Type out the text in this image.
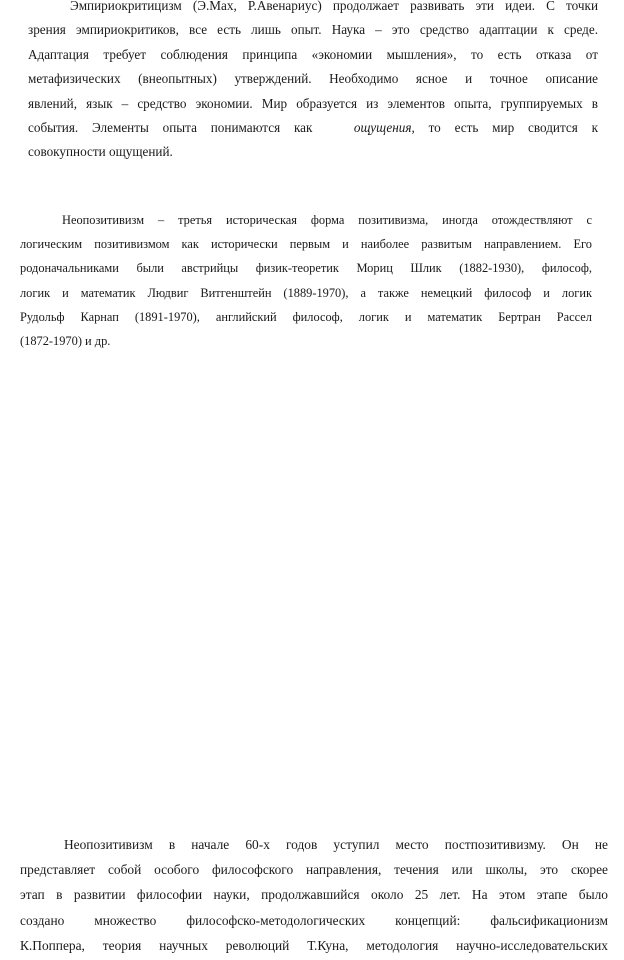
Эмпириокритицизм (Э.Мах, Р.Авенариус) продолжает развивать эти идеи. С точки
зрения эмпириокритиков, все есть лишь опыт. Наука – это средство адаптации к среде.
Адаптация требует соблюдения принципа «экономии мышления», то есть отказа от
метафизических (внеопытных) утверждений. Необходимо ясное и точное описание
явлений, язык – средство экономии. Мир образуется из элементов опыта, группируемых в
события. Элементы опыта понимаются как	ощущения, то есть мир сводится к
совокупности ощущений.
Неопозитивизм – третья историческая форма позитивизма, иногда отождествляют с
логическим позитивизмом как исторически первым и наиболее развитым направлением. Его
родоначальниками были австрийцы физик-теоретик Мориц Шлик (1882-1930), философ,
логик и математик Людвиг Витгенштейн (1889-1970), а также немецкий философ и логик
Рудольф Карнап (1891-1970), английский философ, логик и математик Бертран Рассел
(1872-1970) и др.
Неопозитивизм в начале 60-х годов уступил место постпозитивизму. Он не
представляет собой особого философского направления, течения или школы, это скорее
этап в развитии философии науки, продолжавшийся около 25 лет. На этом этапе было
создано множество философско-методологических концепций: фальсификационизм
К.Поппера, теория научных революций Т.Куна, методология научно-исследовательских
